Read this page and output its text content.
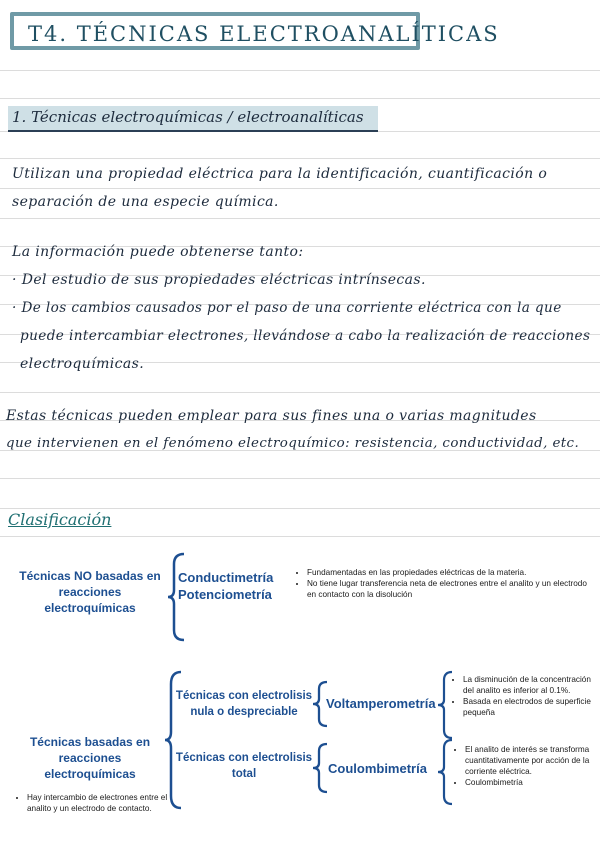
T4. TÉCNICAS ELECTROANALÍTICAS
1. Técnicas electroquímicas / electroanalíticas
Utilizan una propiedad eléctrica para la identificación, cuantificación o
separación de una especie química.
La información puede obtenerse tanto:
· Del estudio de sus propiedades eléctricas intrínsecas.
· De los cambios causados por el paso de una corriente eléctrica con la que
puede intercambiar electrones, llevándose a cabo la realización de reacciones
electroquímicas.
Estas técnicas pueden emplear para sus fines una o varias magnitudes
que intervienen en el fenómeno electroquímico: resistencia, conductividad, etc.
Clasificación
Técnicas NO basadas en reacciones electroquímicas
Conductimetría
Potenciometría
• Fundamentadas en las propiedades eléctricas de la materia.
• No tiene lugar transferencia neta de electrones entre el analito y un electrodo en contacto con la disolución
Técnicas basadas en reacciones electroquímicas
• Hay intercambio de electrones entre el analito y un electrodo de contacto.
Técnicas con electrolisis nula o despreciable
Técnicas con electrolisis total
Voltamperometría
Coulombimetría
• La disminución de la concentración del analito es inferior al 0.1%.
• Basada en electrodos de superficie pequeña
• El analito de interés se transforma cuantitativamente por acción de la corriente eléctrica.
• Coulombimetría
